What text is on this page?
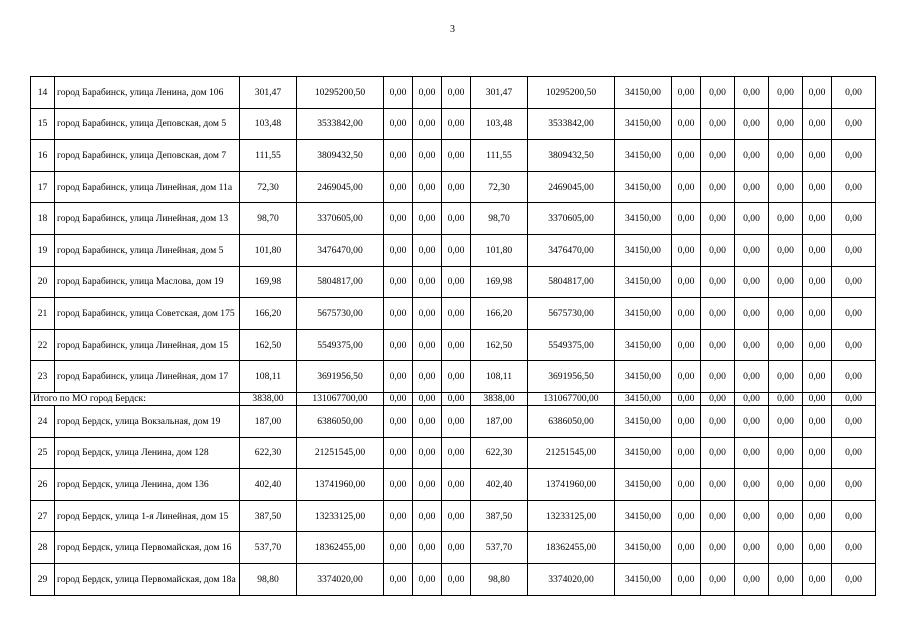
3
14	город Барабинск, улица Ленина, дом 106	301,47	10295200,50	0,00	0,00	0,00	301,47	10295200,50	34150,00	0,00	0,00	0,00	0,00	0,00	0,00
15	город Барабинск, улица Деповская, дом 5	103,48	3533842,00	0,00	0,00	0,00	103,48	3533842,00	34150,00	0,00	0,00	0,00	0,00	0,00	0,00
16	город Барабинск, улица Деповская, дом 7	111,55	3809432,50	0,00	0,00	0,00	111,55	3809432,50	34150,00	0,00	0,00	0,00	0,00	0,00	0,00
17	город Барабинск, улица Линейная, дом 11а	72,30	2469045,00	0,00	0,00	0,00	72,30	2469045,00	34150,00	0,00	0,00	0,00	0,00	0,00	0,00
18	город Барабинск, улица Линейная, дом 13	98,70	3370605,00	0,00	0,00	0,00	98,70	3370605,00	34150,00	0,00	0,00	0,00	0,00	0,00	0,00
19	город Барабинск, улица Линейная, дом 5	101,80	3476470,00	0,00	0,00	0,00	101,80	3476470,00	34150,00	0,00	0,00	0,00	0,00	0,00	0,00
20	город Барабинск, улица Маслова, дом 19	169,98	5804817,00	0,00	0,00	0,00	169,98	5804817,00	34150,00	0,00	0,00	0,00	0,00	0,00	0,00
21	город Барабинск, улица Советская, дом 175	166,20	5675730,00	0,00	0,00	0,00	166,20	5675730,00	34150,00	0,00	0,00	0,00	0,00	0,00	0,00
22	город Барабинск, улица Линейная, дом 15	162,50	5549375,00	0,00	0,00	0,00	162,50	5549375,00	34150,00	0,00	0,00	0,00	0,00	0,00	0,00
23	город Барабинск, улица Линейная, дом 17	108,11	3691956,50	0,00	0,00	0,00	108,11	3691956,50	34150,00	0,00	0,00	0,00	0,00	0,00	0,00
Итого по МО город Бердск:		3838,00	131067700,00	0,00	0,00	0,00	3838,00	131067700,00	34150,00	0,00	0,00	0,00	0,00	0,00	0,00
24	город Бердск, улица Вокзальная, дом 19	187,00	6386050,00	0,00	0,00	0,00	187,00	6386050,00	34150,00	0,00	0,00	0,00	0,00	0,00	0,00
25	город Бердск, улица Ленина, дом 128	622,30	21251545,00	0,00	0,00	0,00	622,30	21251545,00	34150,00	0,00	0,00	0,00	0,00	0,00	0,00
26	город Бердск, улица Ленина, дом 136	402,40	13741960,00	0,00	0,00	0,00	402,40	13741960,00	34150,00	0,00	0,00	0,00	0,00	0,00	0,00
27	город Бердск, улица 1-я Линейная, дом 15	387,50	13233125,00	0,00	0,00	0,00	387,50	13233125,00	34150,00	0,00	0,00	0,00	0,00	0,00	0,00
28	город Бердск, улица Первомайская, дом 16	537,70	18362455,00	0,00	0,00	0,00	537,70	18362455,00	34150,00	0,00	0,00	0,00	0,00	0,00	0,00
29	город Бердск, улица Первомайская, дом 18а	98,80	3374020,00	0,00	0,00	0,00	98,80	3374020,00	34150,00	0,00	0,00	0,00	0,00	0,00	0,00
